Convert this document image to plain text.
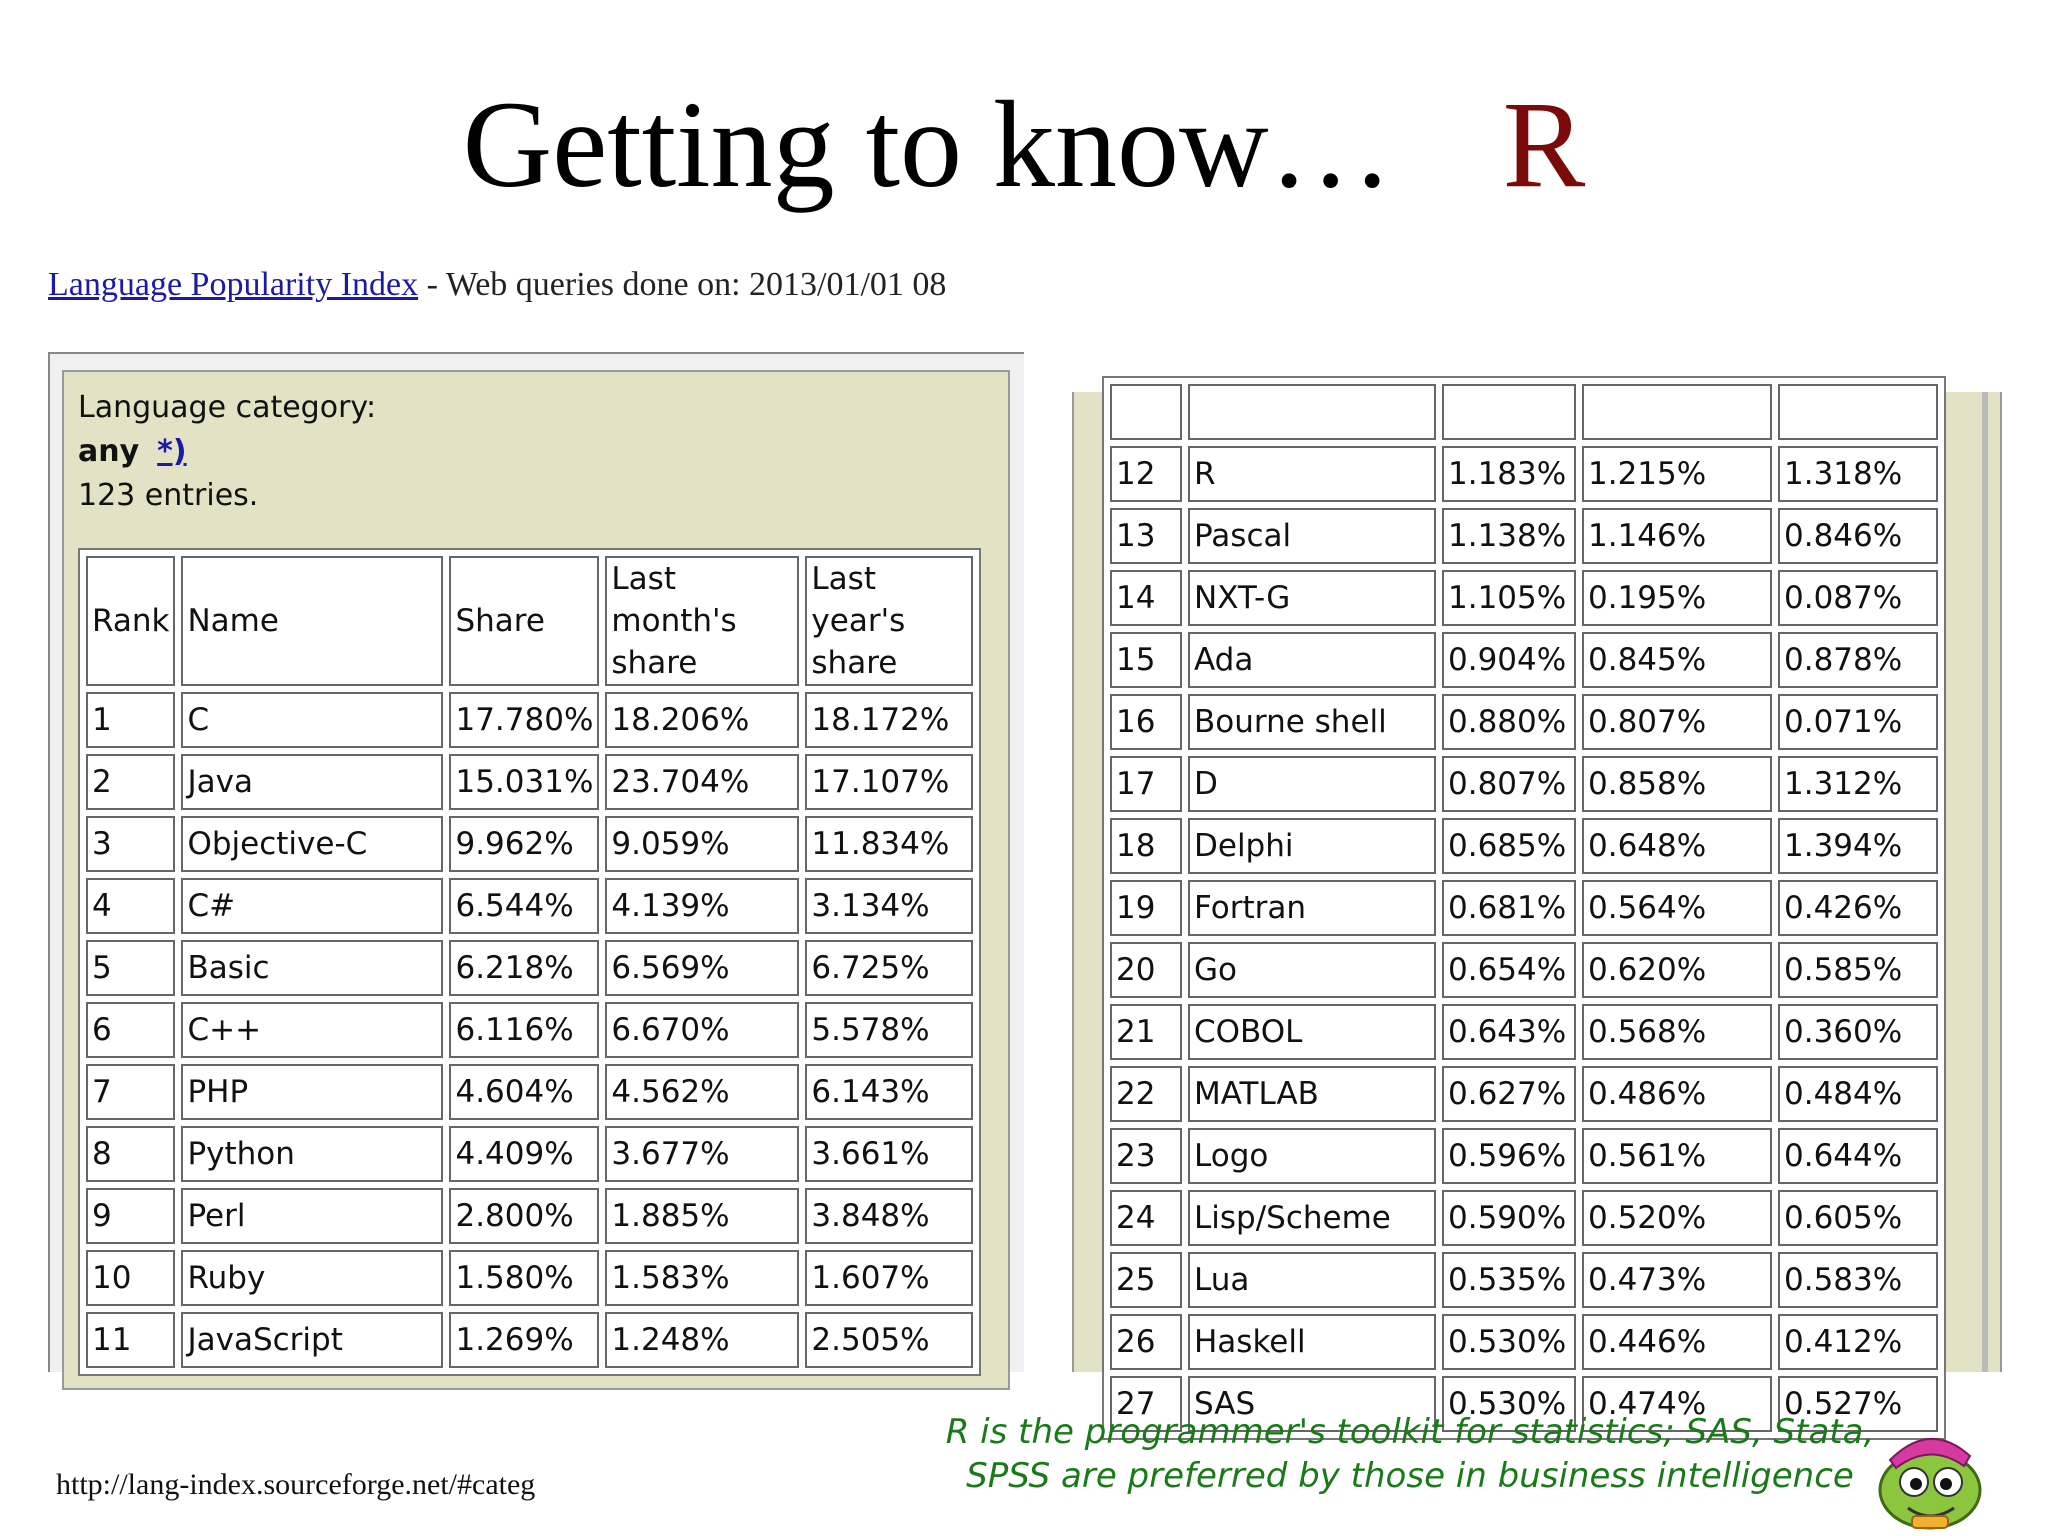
Getting to know… R
Language Popularity Index - Web queries done on: 2013/01/01 08
Language category:
any *)
123 entries.
Rank	Name	Share	Last month's share	Last year's share
1	C	17.780%	18.206%	18.172%
2	Java	15.031%	23.704%	17.107%
3	Objective-C	9.962%	9.059%	11.834%
4	C#	6.544%	4.139%	3.134%
5	Basic	6.218%	6.569%	6.725%
6	C++	6.116%	6.670%	5.578%
7	PHP	4.604%	4.562%	6.143%
8	Python	4.409%	3.677%	3.661%
9	Perl	2.800%	1.885%	3.848%
10	Ruby	1.580%	1.583%	1.607%
11	JavaScript	1.269%	1.248%	2.505%

12	R	1.183%	1.215%	1.318%
13	Pascal	1.138%	1.146%	0.846%
14	NXT-G	1.105%	0.195%	0.087%
15	Ada	0.904%	0.845%	0.878%
16	Bourne shell	0.880%	0.807%	0.071%
17	D	0.807%	0.858%	1.312%
18	Delphi	0.685%	0.648%	1.394%
19	Fortran	0.681%	0.564%	0.426%
20	Go	0.654%	0.620%	0.585%
21	COBOL	0.643%	0.568%	0.360%
22	MATLAB	0.627%	0.486%	0.484%
23	Logo	0.596%	0.561%	0.644%
24	Lisp/Scheme	0.590%	0.520%	0.605%
25	Lua	0.535%	0.473%	0.583%
26	Haskell	0.530%	0.446%	0.412%
27	SAS	0.530%	0.474%	0.527%
http://lang-index.sourceforge.net/#categ
R is the programmer's toolkit for statistics; SAS, Stata,
SPSS are preferred by those in business intelligence
